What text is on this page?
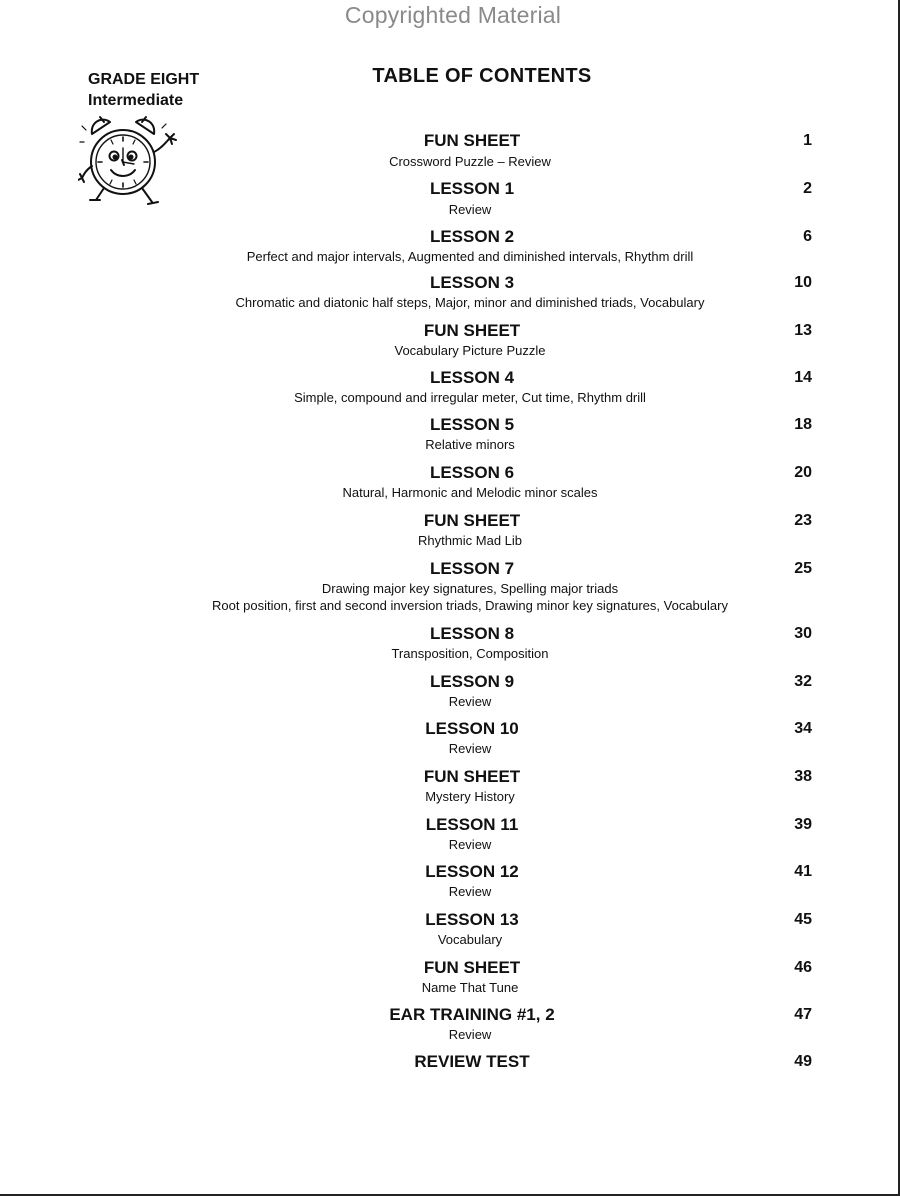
Copyrighted Material
GRADE EIGHT
Intermediate
TABLE OF CONTENTS
FUN SHEET	1
Crossword Puzzle – Review
LESSON 1	2
Review
LESSON 2	6
Perfect and major intervals, Augmented and diminished intervals, Rhythm drill
LESSON 3	10
Chromatic and diatonic half steps, Major, minor and diminished triads, Vocabulary
FUN SHEET	13
Vocabulary Picture Puzzle
LESSON 4	14
Simple, compound and irregular meter, Cut time, Rhythm drill
LESSON 5	18
Relative minors
LESSON 6	20
Natural, Harmonic and Melodic minor scales
FUN SHEET	23
Rhythmic Mad Lib
LESSON 7	25
Drawing major key signatures, Spelling major triads
Root position, first and second inversion triads, Drawing minor key signatures, Vocabulary
LESSON 8	30
Transposition, Composition
LESSON 9	32
Review
LESSON 10	34
Review
FUN SHEET	38
Mystery History
LESSON 11	39
Review
LESSON 12	41
Review
LESSON 13	45
Vocabulary
FUN SHEET	46
Name That Tune
EAR TRAINING #1, 2	47
Review
REVIEW TEST	49
